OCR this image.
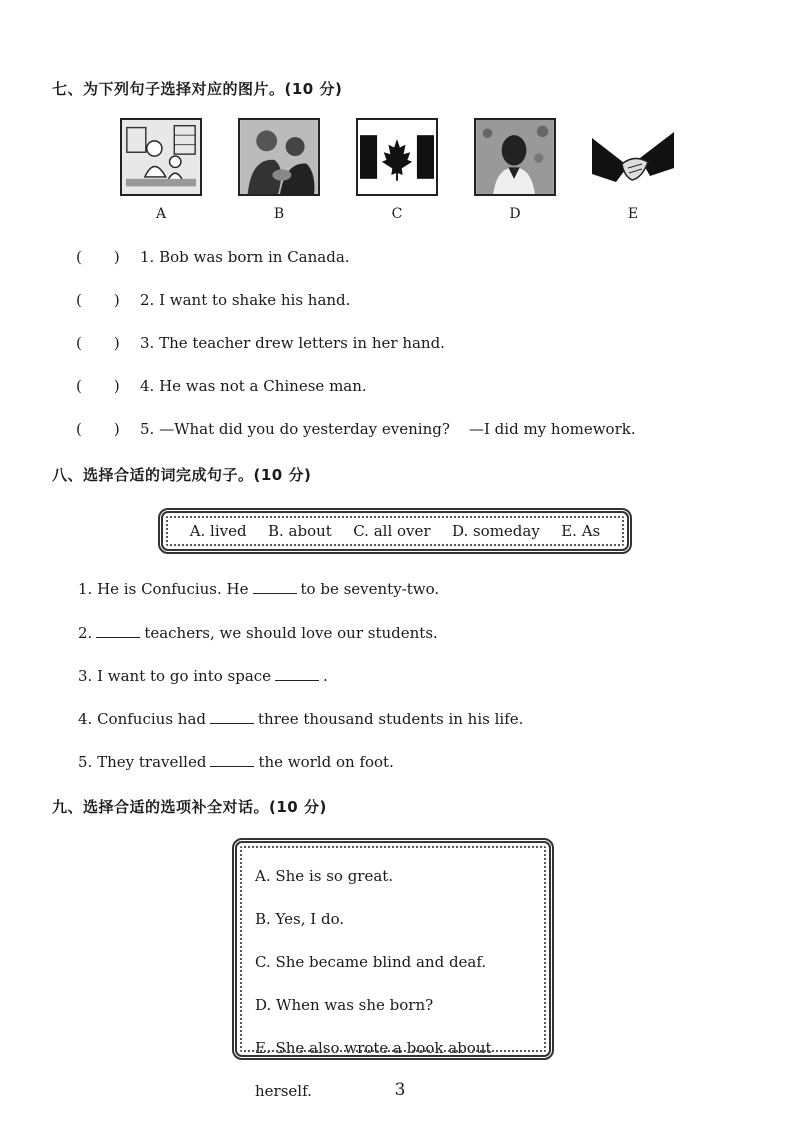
七、为下列句子选择对应的图片。(10 分)
A	B	C	D	E
( ) 1. Bob was born in Canada.
( ) 2. I want to shake his hand.
( ) 3. The teacher drew letters in her hand.
( ) 4. He was not a Chinese man.
( ) 5. —What did you do yesterday evening?    —I did my homework.
八、选择合适的词完成句子。(10 分)
A. lived B. about C. all over D. someday E. As
1. He is Confucius. He	to be seventy-two.
2.	teachers, we should love our students.
3. I want to go into space	.
4. Confucius had	three thousand students in his life.
5. They travelled	the world on foot.
九、选择合适的选项补全对话。(10 分)
A. She is so great.
B. Yes, I do.
C. She became blind and deaf.
D. When was she born?
E. She also wrote a book about herself.	3
